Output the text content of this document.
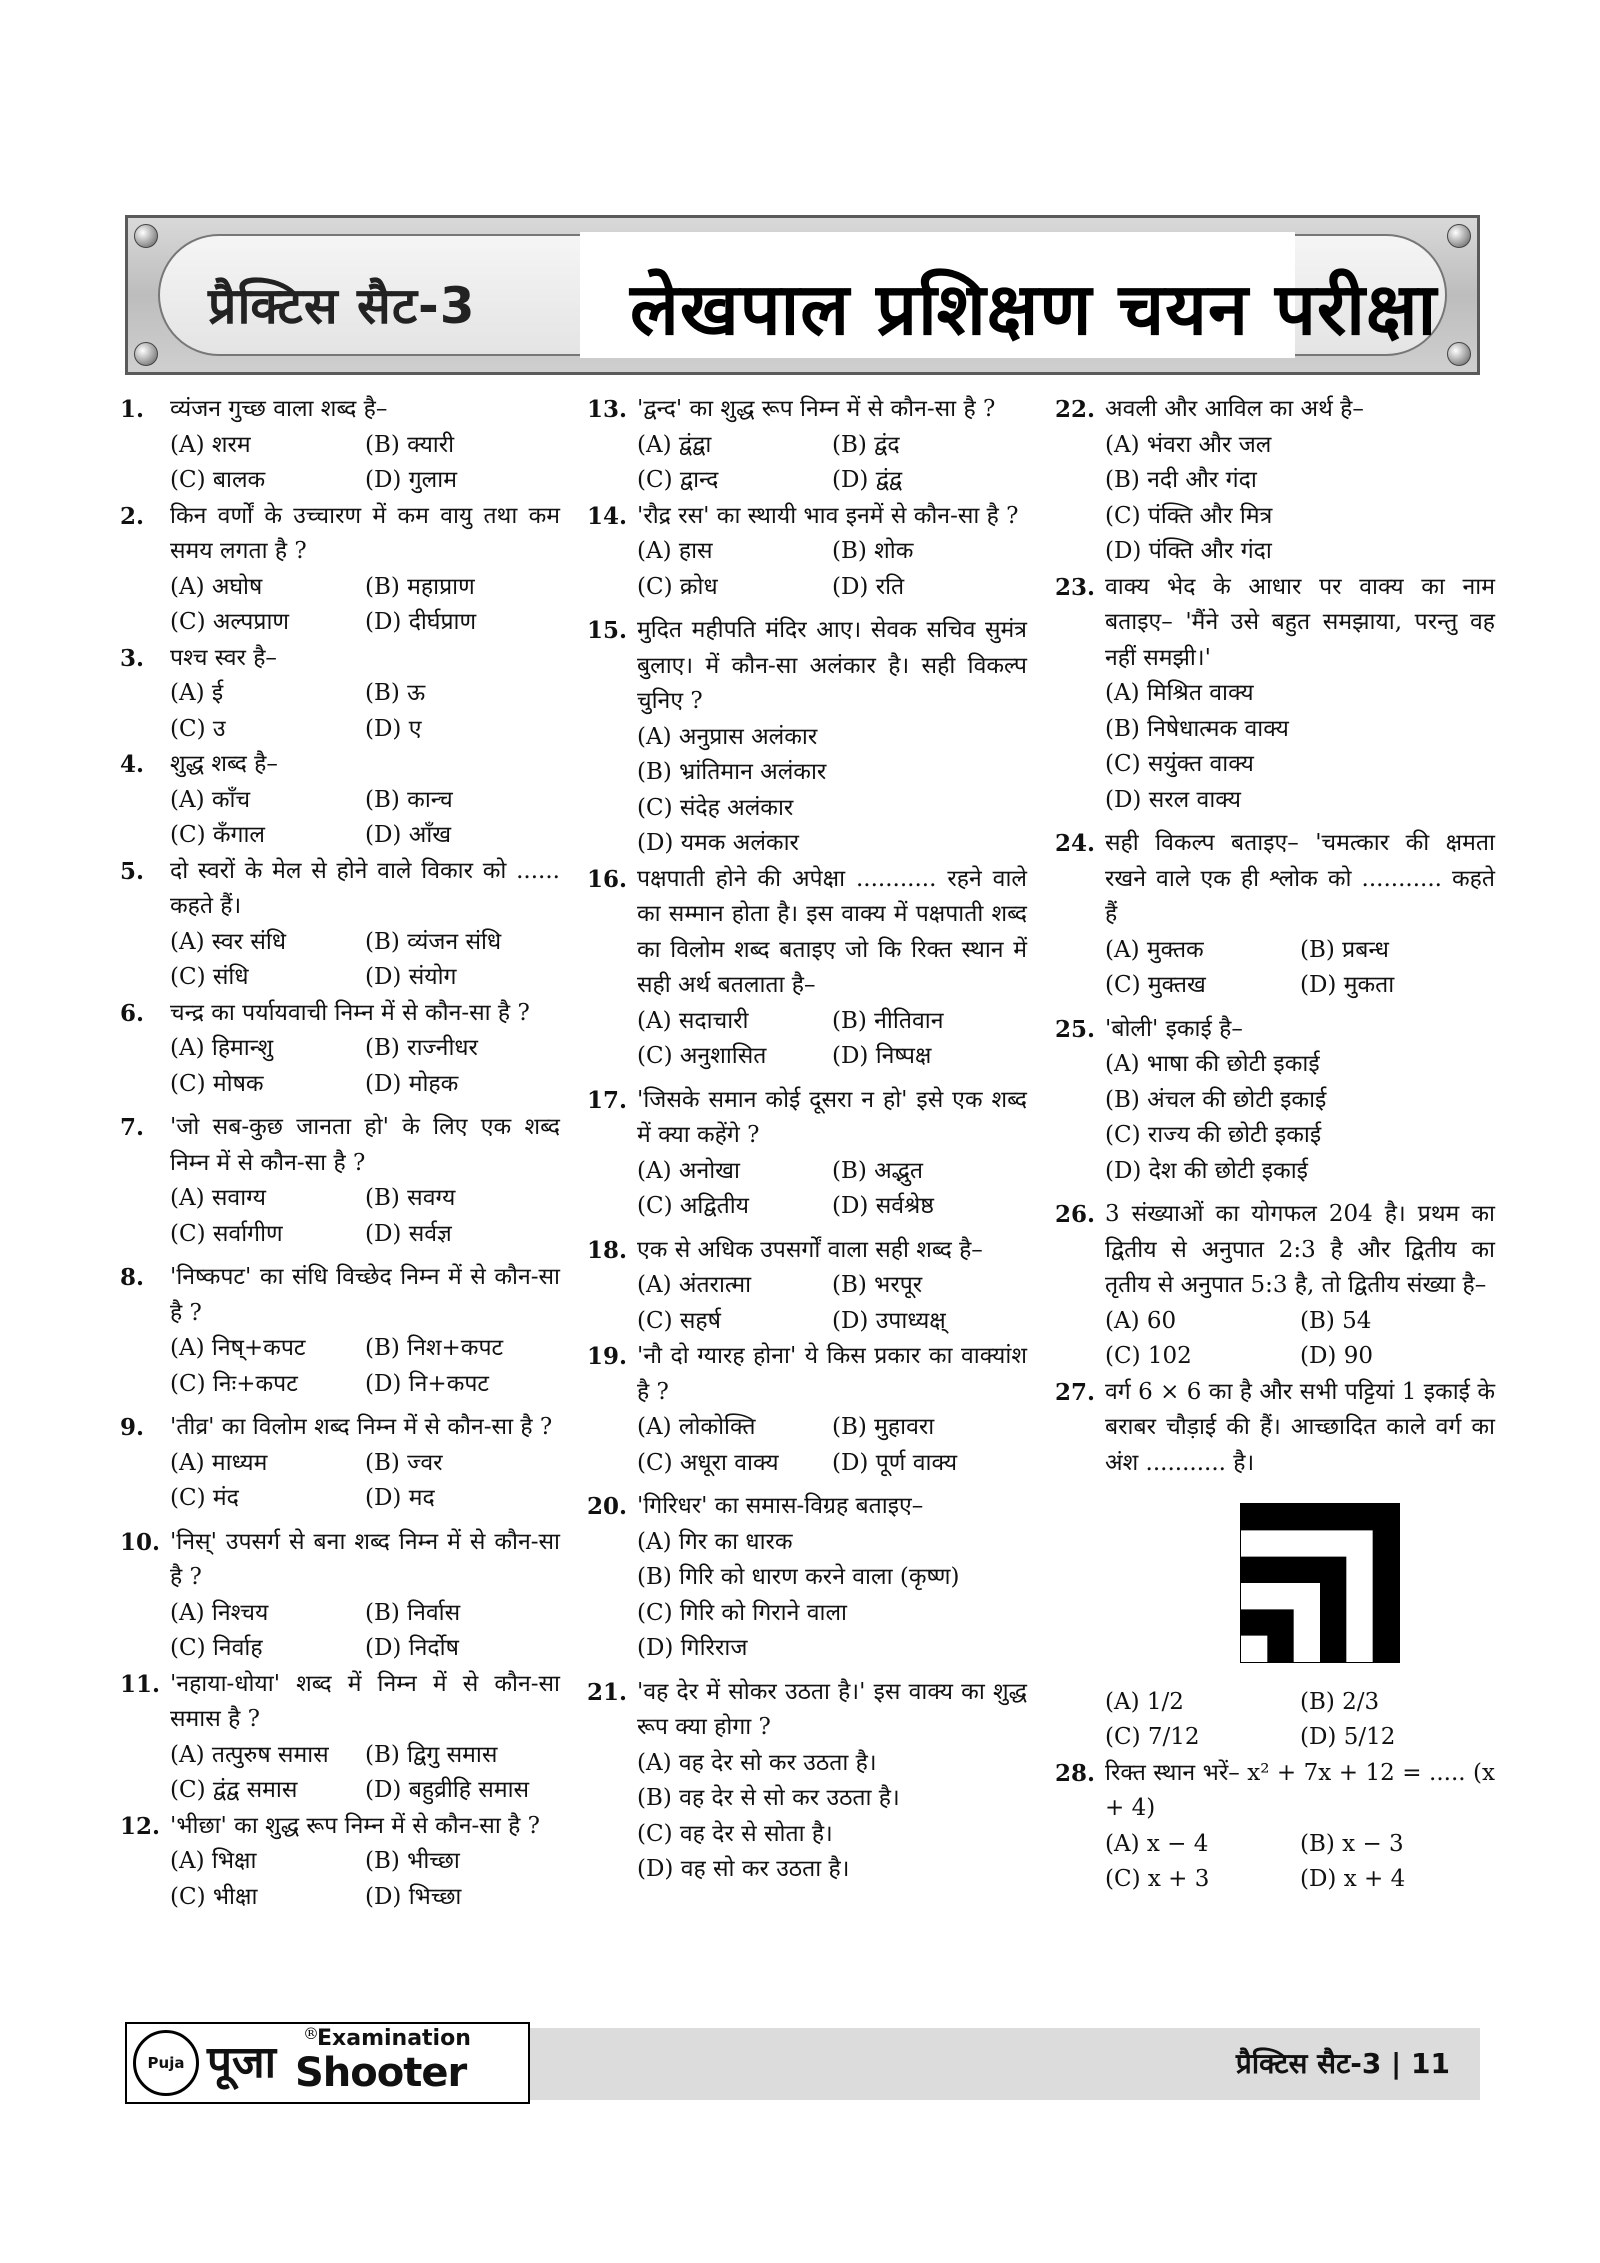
प्रैक्टिस सैट-3 लेखपाल प्रशिक्षण चयन परीक्षा
1. व्यंजन गुच्छ वाला शब्द है–
(A) शरम	(B) क्यारी
(C) बालक	(D) गुलाम
2. किन वर्णों के उच्चारण में कम वायु तथा कम समय लगता है ?
(A) अघोष	(B) महाप्राण
(C) अल्पप्राण	(D) दीर्घप्राण
3. पश्च स्वर है–
(A) ई	(B) ऊ
(C) उ	(D) ए
4. शुद्ध शब्द है–
(A) काँच	(B) कान्च
(C) कँगाल	(D) आँख
5. दो स्वरों के मेल से होने वाले विकार को ...... कहते हैं।
(A) स्वर संधि	(B) व्यंजन संधि
(C) संधि	(D) संयोग
6. चन्द्र का पर्यायवाची निम्न में से कौन-सा है ?
(A) हिमान्शु	(B) राज्नीधर
(C) मोषक	(D) मोहक
7. 'जो सब-कुछ जानता हो' के लिए एक शब्द निम्न में से कौन-सा है ?
(A) सवाग्य	(B) सवग्य
(C) सर्वागीण	(D) सर्वज्ञ
8. 'निष्कपट' का संधि विच्छेद निम्न में से कौन-सा है ?
(A) निष्+कपट	(B) निश+कपट
(C) निः+कपट	(D) नि+कपट
9. 'तीव्र' का विलोम शब्द निम्न में से कौन-सा है ?
(A) माध्यम	(B) ज्वर
(C) मंद	(D) मद
10. 'निस्' उपसर्ग से बना शब्द निम्न में से कौन-सा है ?
(A) निश्चय	(B) निर्वास
(C) निर्वाह	(D) निर्दोष
11. 'नहाया-धोया' शब्द में निम्न में से कौन-सा समास है ?
(A) तत्पुरुष समास	(B) द्विगु समास
(C) द्वंद्व समास	(D) बहुव्रीहि समास
12. 'भीछा' का शुद्ध रूप निम्न में से कौन-सा है ?
(A) भिक्षा	(B) भीच्छा
(C) भीक्षा	(D) भिच्छा
13. 'द्वन्द' का शुद्ध रूप निम्न में से कौन-सा है ?
(A) द्वंद्वा	(B) द्वंद
(C) द्वान्द	(D) द्वंद्व
14. 'रौद्र रस' का स्थायी भाव इनमें से कौन-सा है ?
(A) हास	(B) शोक
(C) क्रोध	(D) रति
15. मुदित महीपति मंदिर आए। सेवक सचिव सुमंत्र बुलाए। में कौन-सा अलंकार है। सही विकल्प चुनिए ?
(A) अनुप्रास अलंकार
(B) भ्रांतिमान अलंकार
(C) संदेह अलंकार
(D) यमक अलंकार
16. पक्षपाती होने की अपेक्षा ........... रहने वाले का सम्मान होता है। इस वाक्य में पक्षपाती शब्द का विलोम शब्द बताइए जो कि रिक्त स्थान में सही अर्थ बतलाता है–
(A) सदाचारी	(B) नीतिवान
(C) अनुशासित	(D) निष्पक्ष
17. 'जिसके समान कोई दूसरा न हो' इसे एक शब्द में क्या कहेंगे ?
(A) अनोखा	(B) अद्भुत
(C) अद्वितीय	(D) सर्वश्रेष्ठ
18. एक से अधिक उपसर्गों वाला सही शब्द है–
(A) अंतरात्मा	(B) भरपूर
(C) सहर्ष	(D) उपाध्यक्ष्
19. 'नौ दो ग्यारह होना' ये किस प्रकार का वाक्यांश है ?
(A) लोकोक्ति	(B) मुहावरा
(C) अधूरा वाक्य	(D) पूर्ण वाक्य
20. 'गिरिधर' का समास-विग्रह बताइए–
(A) गिर का धारक
(B) गिरि को धारण करने वाला (कृष्ण)
(C) गिरि को गिराने वाला
(D) गिरिराज
21. 'वह देर में सोकर उठता है।' इस वाक्य का शुद्ध रूप क्या होगा ?
(A) वह देर सो कर उठता है।
(B) वह देर से सो कर उठता है।
(C) वह देर से सोता है।
(D) वह सो कर उठता है।
22. अवली और आविल का अर्थ है–
(A) भंवरा और जल
(B) नदी और गंदा
(C) पंक्ति और मित्र
(D) पंक्ति और गंदा
23. वाक्य भेद के आधार पर वाक्य का नाम बताइए– 'मैंने उसे बहुत समझाया, परन्तु वह नहीं समझी।'
(A) मिश्रित वाक्य
(B) निषेधात्मक वाक्य
(C) सयुंक्त वाक्य
(D) सरल वाक्य
24. सही विकल्प बताइए– 'चमत्कार की क्षमता रखने वाले एक ही श्लोक को ........... कहते हैं
(A) मुक्तक	(B) प्रबन्ध
(C) मुक्तख	(D) मुकता
25. 'बोली' इकाई है–
(A) भाषा की छोटी इकाई
(B) अंचल की छोटी इकाई
(C) राज्य की छोटी इकाई
(D) देश की छोटी इकाई
26. 3 संख्याओं का योगफल 204 है। प्रथम का द्वितीय से अनुपात 2:3 है और द्वितीय का तृतीय से अनुपात 5:3 है, तो द्वितीय संख्या है–
(A) 60	(B) 54
(C) 102	(D) 90
27. वर्ग 6 × 6 का है और सभी पट्टियां 1 इकाई के बराबर चौड़ाई की हैं। आच्छादित काले वर्ग का अंश ........... है।
(A) 1/2	(B) 2/3
(C) 7/12	(D) 5/12
28. रिक्त स्थान भरें– x² + 7x + 12 = ..... (x + 4)
(A) x − 4	(B) x − 3
(C) x + 3	(D) x + 4
Puja पूजा Examination
Shooter
®
प्रैक्टिस सैट-3 | 11
